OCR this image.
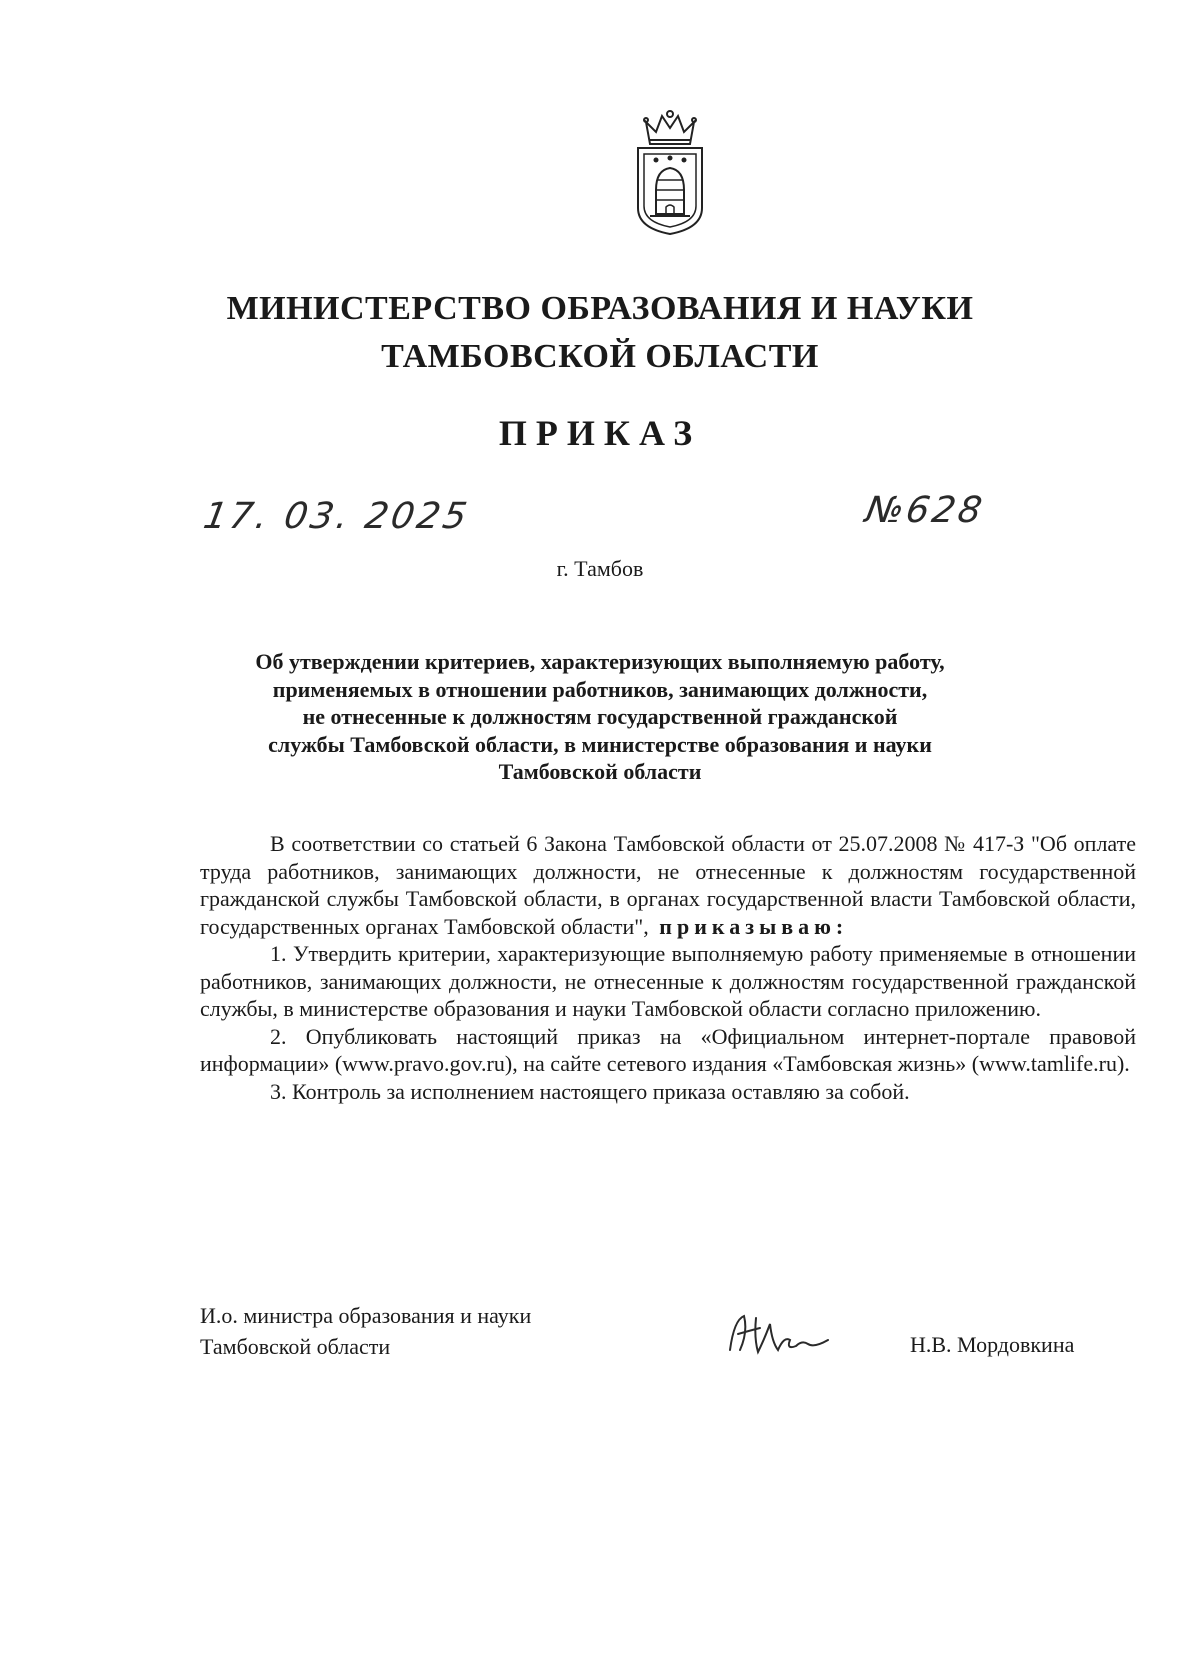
МИНИСТЕРСТВО ОБРАЗОВАНИЯ И НАУКИ
ТАМБОВСКОЙ ОБЛАСТИ
ПРИКАЗ
17. 03. 2025	№628
г. Тамбов
Об утверждении критериев, характеризующих выполняемую работу,
применяемых в отношении работников, занимающих должности,
не отнесенные к должностям государственной гражданской
службы Тамбовской области, в министерстве образования и науки
Тамбовской области

В соответствии со статьей 6 Закона Тамбовской области от 25.07.2008 № 417-З "Об оплате труда работников, занимающих должности, не отнесенные к должностям государственной гражданской службы Тамбовской области, в органах государственной власти Тамбовской области, государственных органах Тамбовской области", приказываю:

1. Утвердить критерии, характеризующие выполняемую работу применяемые в отношении работников, занимающих должности, не отнесенные к должностям государственной гражданской службы, в министерстве образования и науки Тамбовской области согласно приложению.

2. Опубликовать настоящий приказ на «Официальном интернет-портале правовой информации» (www.pravo.gov.ru), на сайте сетевого издания «Тамбовская жизнь» (www.tamlife.ru).

3. Контроль за исполнением настоящего приказа оставляю за собой.

И.о. министра образования и науки
Тамбовской области	Н.В. Мордовкина
